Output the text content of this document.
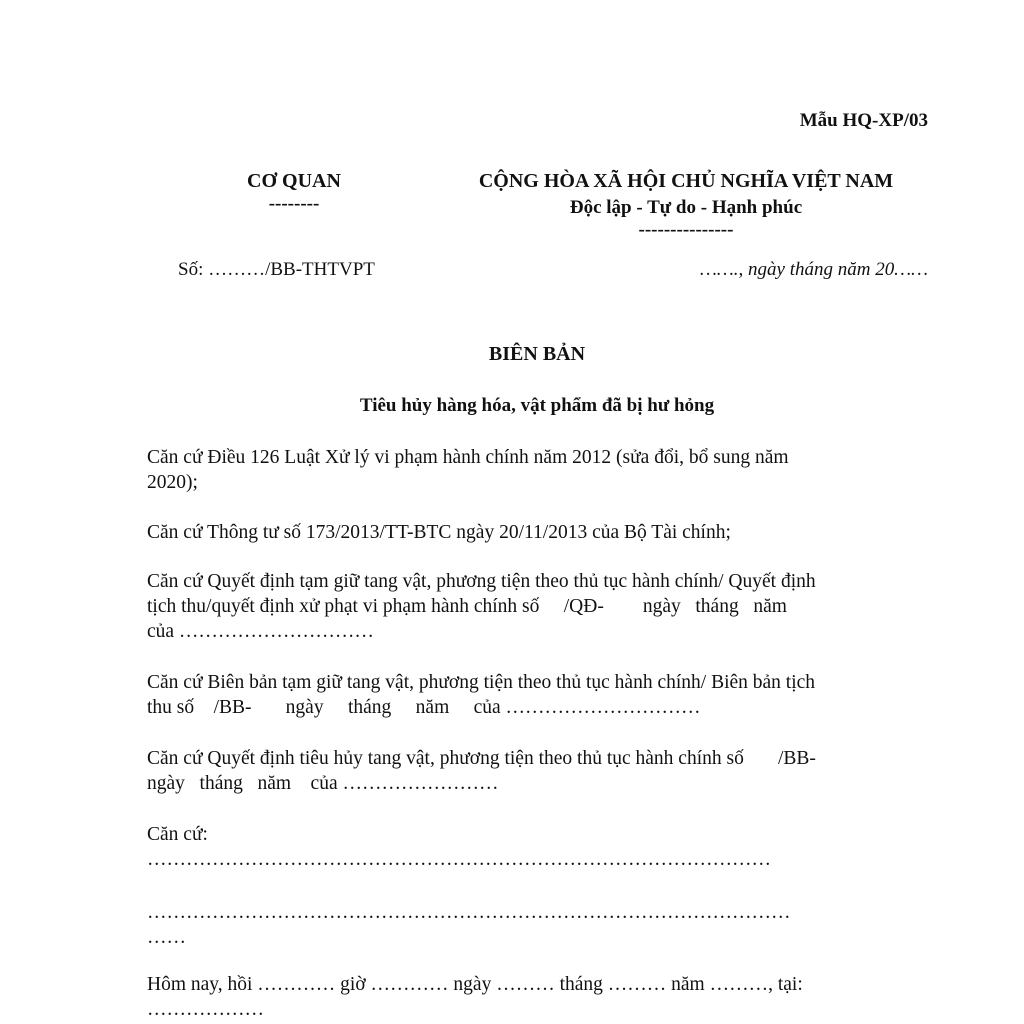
Mẫu HQ-XP/03
CƠ QUAN
--------
CỘNG HÒA XÃ HỘI CHỦ NGHĨA VIỆT NAM
Độc lập - Tự do - Hạnh phúc
---------------
Số: ………/BB-THTVPT	……., ngày tháng năm 20……
BIÊN BẢN
Tiêu hủy hàng hóa, vật phẩm đã bị hư hỏng
Căn cứ Điều 126 Luật Xử lý vi phạm hành chính năm 2012 (sửa đổi, bổ sung năm
2020);
Căn cứ Thông tư số 173/2013/TT-BTC ngày 20/11/2013 của Bộ Tài chính;
Căn cứ Quyết định tạm giữ tang vật, phương tiện theo thủ tục hành chính/ Quyết định
tịch thu/quyết định xử phạt vi phạm hành chính số     /QĐ-        ngày   tháng   năm
của …………………………
Căn cứ Biên bản tạm giữ tang vật, phương tiện theo thủ tục hành chính/ Biên bản tịch
thu số    /BB-       ngày     tháng     năm     của …………………………
Căn cứ Quyết định tiêu hủy tang vật, phương tiện theo thủ tục hành chính số       /BB-
ngày   tháng   năm    của ……………………
Căn cứ:
……………………………………………………………………………………
………………………………………………………………………………………
……
Hôm nay, hồi ………… giờ ………… ngày ……… tháng ……… năm ………, tại:
………………
